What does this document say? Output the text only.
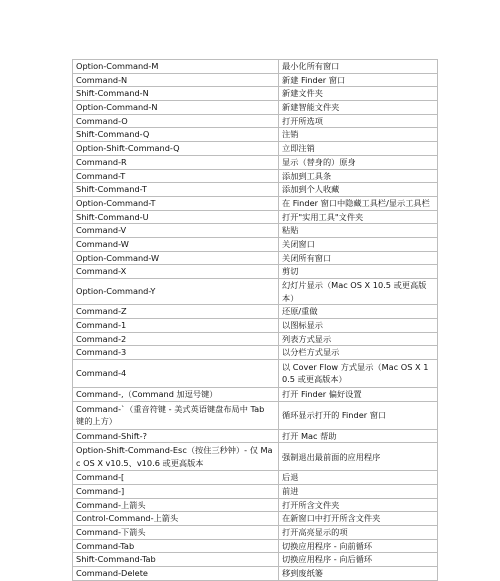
Option-Command-M	最小化所有窗口
Command-N	新建 Finder 窗口
Shift-Command-N	新建文件夹
Option-Command-N	新建智能文件夹
Command-O	打开所选项
Shift-Command-Q	注销
Option-Shift-Command-Q	立即注销
Command-R	显示（替身的）原身
Command-T	添加到工具条
Shift-Command-T	添加到个人收藏
Option-Command-T	在 Finder 窗口中隐藏工具栏/显示工具栏
Shift-Command-U	打开"实用工具"文件夹
Command-V	粘贴
Command-W	关闭窗口
Option-Command-W	关闭所有窗口
Command-X	剪切
Option-Command-Y	幻灯片显示（Mac OS X 10.5 或更高版本）
Command-Z	还原/重做
Command-1	以图标显示
Command-2	列表方式显示
Command-3	以分栏方式显示
Command-4	以 Cover Flow 方式显示（Mac OS X 10.5 或更高版本）
Command-,（Command 加逗号键）	打开 Finder 偏好设置
Command-`（重音符键 - 美式英语键盘布局中 Tab 键的上方）	循环显示打开的 Finder 窗口
Command-Shift-?	打开 Mac 帮助
Option-Shift-Command-Esc（按住三秒钟）- 仅 Mac OS X v10.5、v10.6 或更高版本	强制退出最前面的应用程序
Command-[	后退
Command-]	前进
Command-上箭头	打开所含文件夹
Control-Command-上箭头	在新窗口中打开所含文件夹
Command-下箭头	打开高亮显示的项
Command-Tab	切换应用程序 - 向前循环
Shift-Command-Tab	切换应用程序 - 向后循环
Command-Delete	移到废纸篓
